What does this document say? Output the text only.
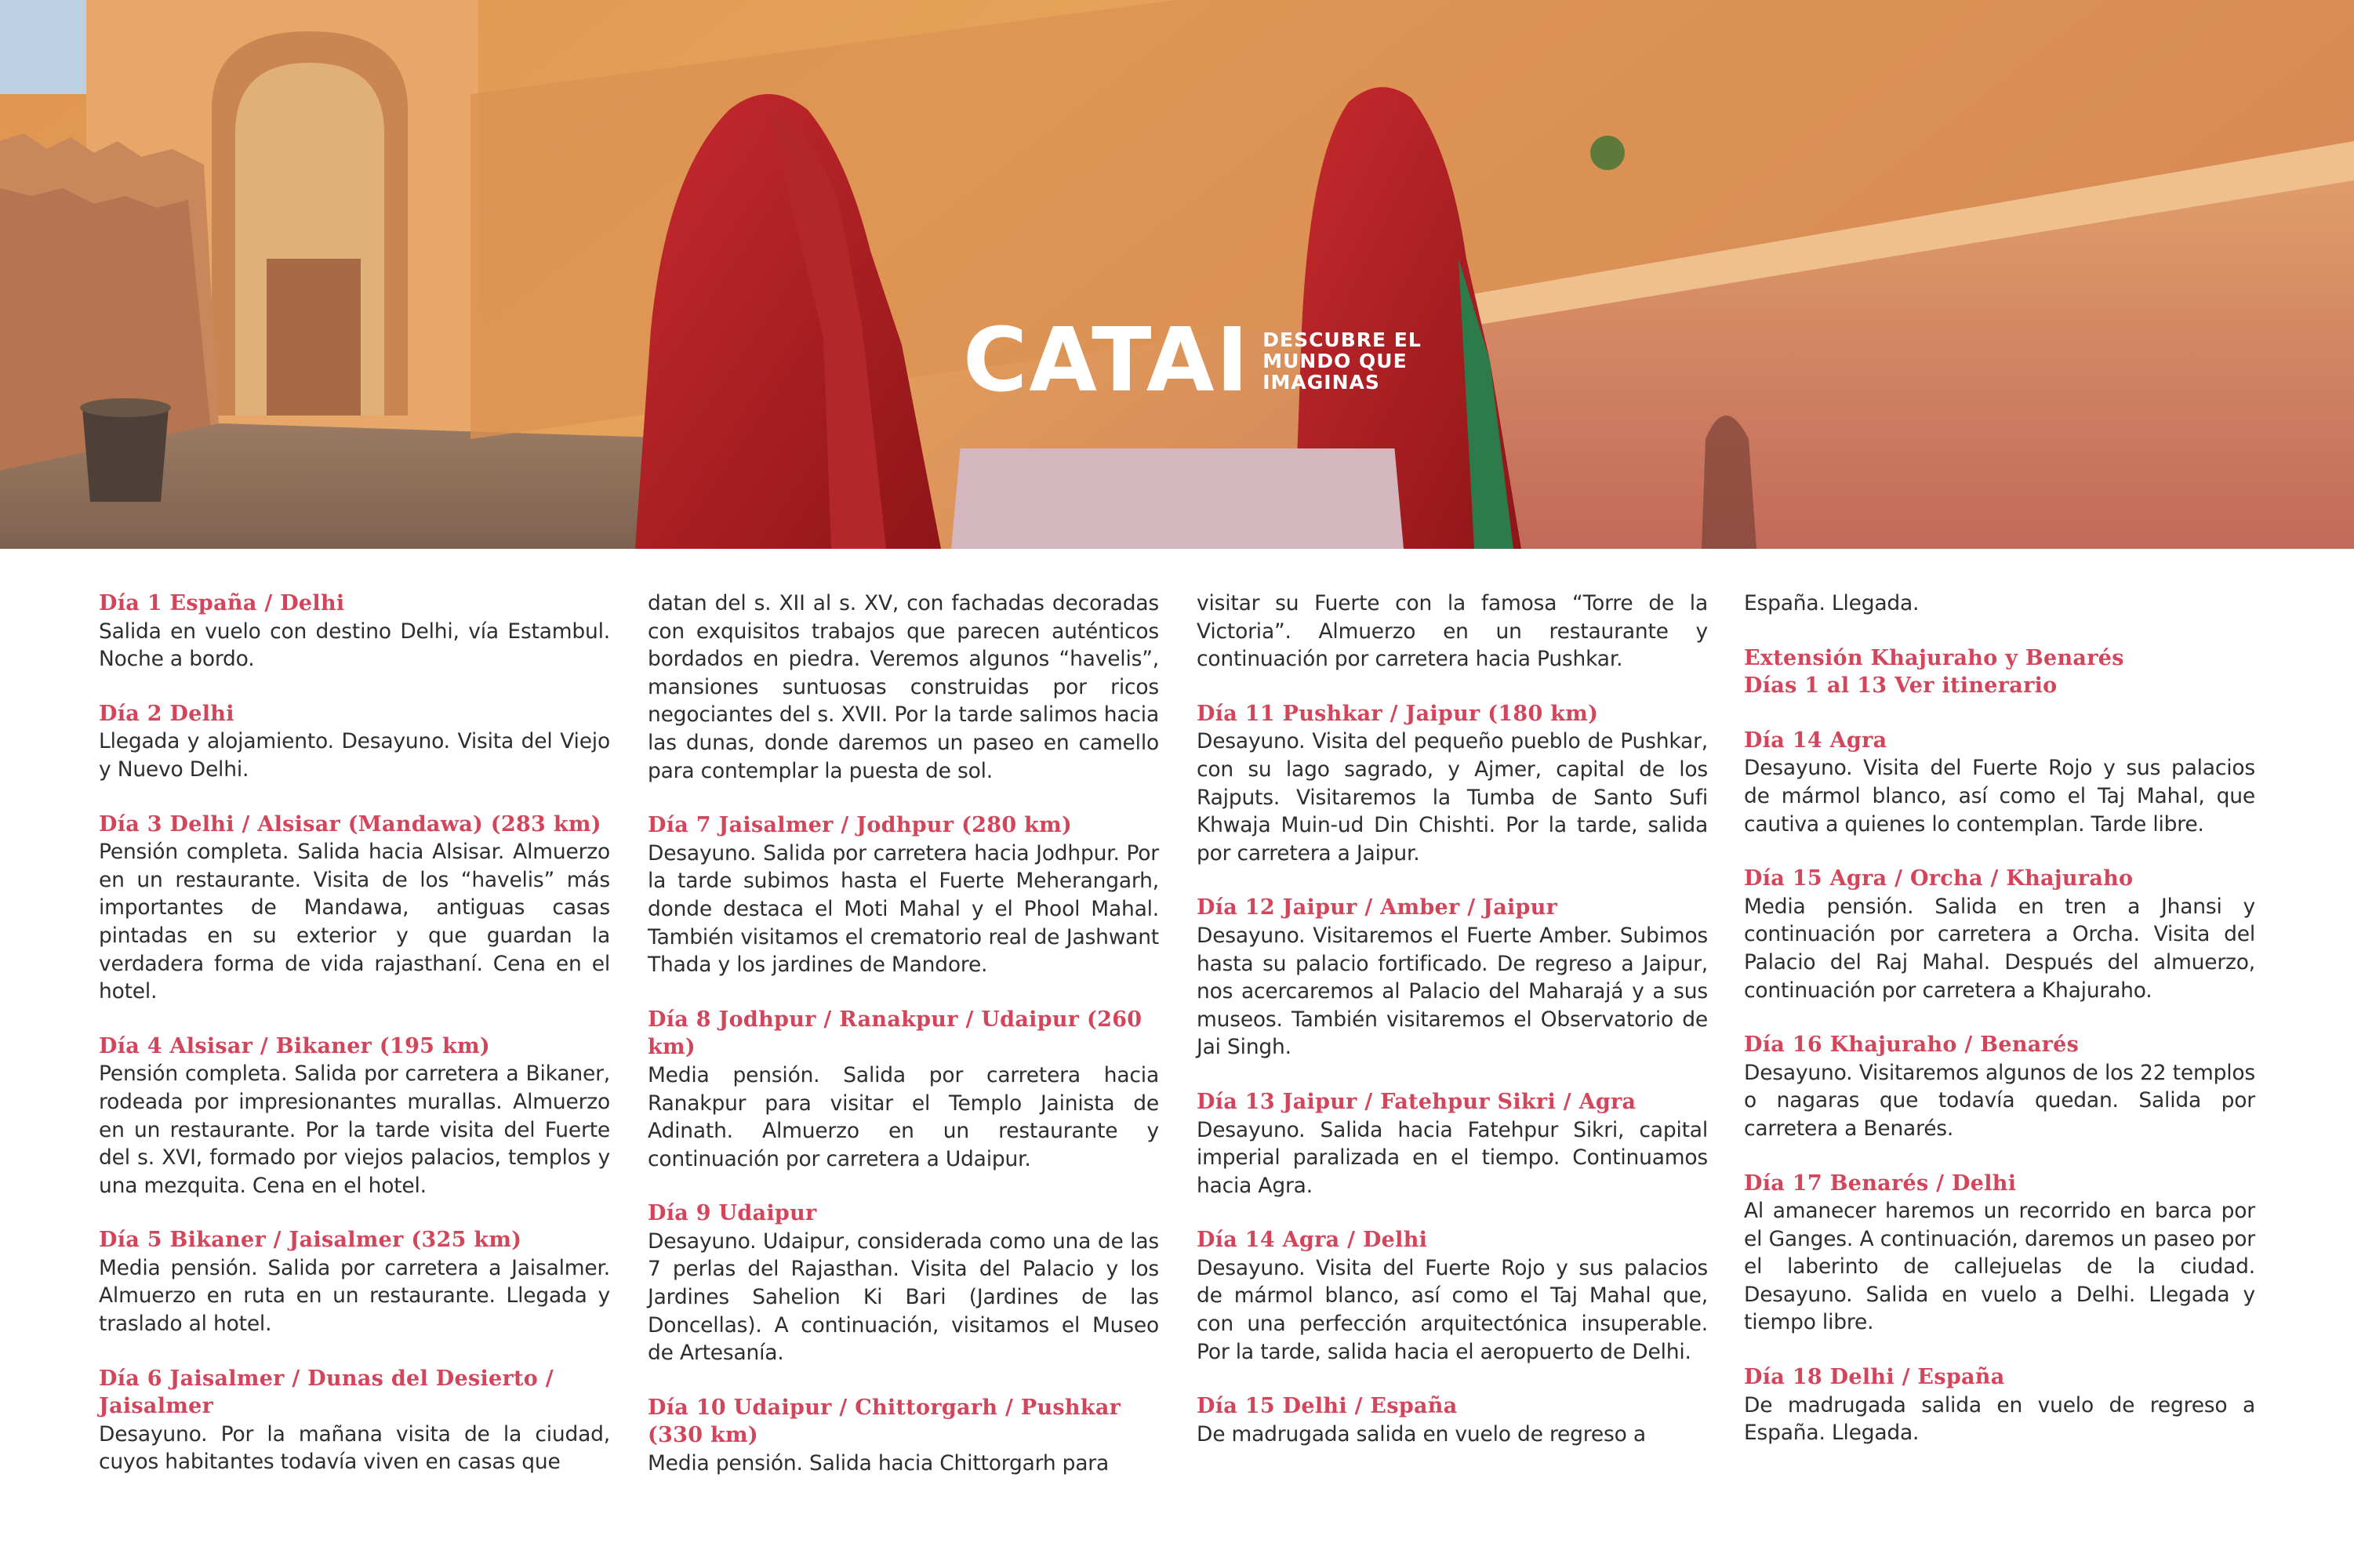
CATAI DESCUBRE EL
MUNDO QUE
IMAGINAS
Día 1 España / Delhi

Salida en vuelo con destino Delhi, vía Estambul. Noche a bordo.

Día 2 Delhi

Llegada y alojamiento. Desayuno. Visita del Viejo y Nuevo Delhi.

Día 3 Delhi / Alsisar (Mandawa) (283 km)

Pensión completa. Salida hacia Alsisar. Almuerzo en un restaurante. Visita de los “havelis” más importantes de Mandawa, antiguas casas pintadas en su exterior y que guardan la verdadera forma de vida rajasthaní. Cena en el hotel.

Día 4 Alsisar / Bikaner (195 km)

Pensión completa. Salida por carretera a Bikaner, rodeada por impresionantes murallas. Almuerzo en un restaurante. Por la tarde visita del Fuerte del s. XVI, formado por viejos palacios, templos y una mezquita. Cena en el hotel.

Día 5 Bikaner / Jaisalmer (325 km)

Media pensión. Salida por carretera a Jaisalmer. Almuerzo en ruta en un restaurante. Llegada y traslado al hotel.

Día 6 Jaisalmer / Dunas del Desierto / Jaisalmer

Desayuno. Por la mañana visita de la ciudad, cuyos habitantes todavía viven en casas que

datan del s. XII al s. XV, con fachadas decoradas con exquisitos trabajos que parecen auténticos bordados en piedra. Veremos algunos “havelis”, mansiones suntuosas construidas por ricos negociantes del s. XVII. Por la tarde salimos hacia las dunas, donde daremos un paseo en camello para contemplar la puesta de sol.

Día 7 Jaisalmer / Jodhpur (280 km)

Desayuno. Salida por carretera hacia Jodhpur. Por la tarde subimos hasta el Fuerte Meherangarh, donde destaca el Moti Mahal y el Phool Mahal. También visitamos el crematorio real de Jashwant Thada y los jardines de Mandore.

Día 8 Jodhpur / Ranakpur / Udaipur (260 km)

Media pensión. Salida por carretera hacia Ranakpur para visitar el Templo Jainista de Adinath. Almuerzo en un restaurante y continuación por carretera a Udaipur.

Día 9 Udaipur

Desayuno. Udaipur, considerada como una de las 7 perlas del Rajasthan. Visita del Palacio y los Jardines Sahelion Ki Bari (Jardines de las Doncellas). A continuación, visitamos el Museo de Artesanía.

Día 10 Udaipur / Chittorgarh / Pushkar (330 km)

Media pensión. Salida hacia Chittorgarh para

visitar su Fuerte con la famosa “Torre de la Victoria”. Almuerzo en un restaurante y continuación por carretera hacia Pushkar.

Día 11 Pushkar / Jaipur (180 km)

Desayuno. Visita del pequeño pueblo de Pushkar, con su lago sagrado, y Ajmer, capital de los Rajputs. Visitaremos la Tumba de Santo Sufi Khwaja Muin-ud Din Chishti. Por la tarde, salida por carretera a Jaipur.

Día 12 Jaipur / Amber / Jaipur

Desayuno. Visitaremos el Fuerte Amber. Subimos hasta su palacio fortificado. De regreso a Jaipur, nos acercaremos al Palacio del Maharajá y a sus museos. También visitaremos el Observatorio de Jai Singh.

Día 13 Jaipur / Fatehpur Sikri / Agra

Desayuno. Salida hacia Fatehpur Sikri, capital imperial paralizada en el tiempo. Continuamos hacia Agra.

Día 14 Agra / Delhi

Desayuno. Visita del Fuerte Rojo y sus palacios de mármol blanco, así como el Taj Mahal que, con una perfección arquitectónica insuperable. Por la tarde, salida hacia el aeropuerto de Delhi.

Día 15 Delhi / España

De madrugada salida en vuelo de regreso a

España. Llegada.

Extensión Khajuraho y Benarés
Días 1 al 13 Ver itinerario
Día 14 Agra

Desayuno. Visita del Fuerte Rojo y sus palacios de mármol blanco, así como el Taj Mahal, que cautiva a quienes lo contemplan. Tarde libre.

Día 15 Agra / Orcha / Khajuraho

Media pensión. Salida en tren a Jhansi y continuación por carretera a Orcha. Visita del Palacio del Raj Mahal. Después del almuerzo, continuación por carretera a Khajuraho.

Día 16 Khajuraho / Benarés

Desayuno. Visitaremos algunos de los 22 templos o nagaras que todavía quedan. Salida por carretera a Benarés.

Día 17 Benarés / Delhi

Al amanecer haremos un recorrido en barca por el Ganges. A continuación, daremos un paseo por el laberinto de callejuelas de la ciudad. Desayuno. Salida en vuelo a Delhi. Llegada y tiempo libre.

Día 18 Delhi / España

De madrugada salida en vuelo de regreso a España. Llegada.
